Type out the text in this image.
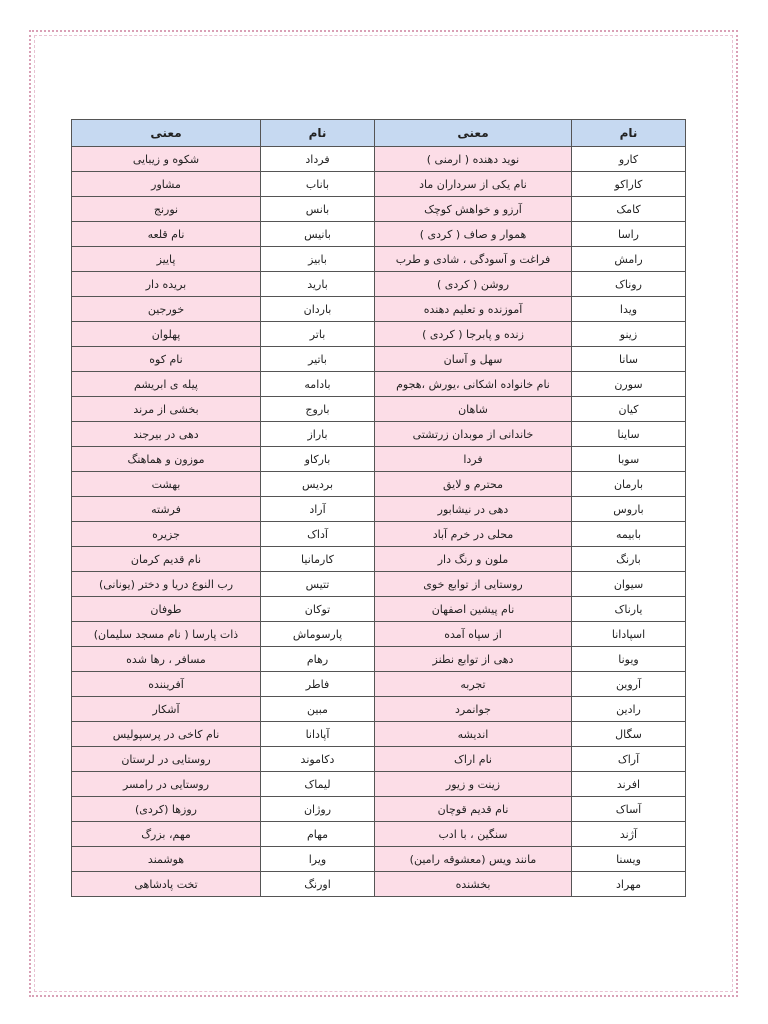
نام	معنی	نام	معنی
کارو	نوید دهنده ( ارمنی )	فرداد	شکوه و زیبایی
کاراکو	نام یکی از سرداران ماد	باناب	مشاور
کامک	آرزو و خواهش کوچک	بانس	نورنج
راسا	هموار و صاف ( کردی )	بانیس	نام قلعه
رامش	فراغت و آسودگی ، شادی و طرب	بابیز	پاییز
روناک	روشن ( کردی )	بارید	بریده دار
ویدا	آموزنده و تعلیم دهنده	باردان	خورجین
زینو	زنده و پابرجا ( کردی )	باتر	پهلوان
سانا	سهل و آسان	باتیر	نام کوه
سورن	نام خانواده اشکانی ،یورش ،هجوم	بادامه	پیله ی ابریشم
کیان	شاهان	باروج	بخشی از مرند
ساینا	خاندانی از موبدان زرتشتی	باراز	دهی در بیرجند
سوبا	فردا	بارکاو	موزون و هماهنگ
بارمان	محترم و لایق	بردیس	بهشت
باروس	دهی در نیشابور	آراد	فرشته
بابیمه	محلی در خرم آباد	آداک	جزیره
بارنگ	ملون و رنگ دار	کارمانیا	نام قدیم کرمان
سیوان	روستایی از توابع خوی	تتیس	رب النوع دریا و دختر (یونانی)
یارناک	نام پیشین اصفهان	توکان	طوفان
اسپادانا	از سپاه آمده	پارسوماش	ذات پارسا ( نام مسجد سلیمان)
ویونا	دهی از توابع نطنز	رهام	مسافر ، رها شده
آروین	تجربه	فاطر	آفریننده
رادین	جوانمرد	مبین	آشکار
سگال	اندیشه	آپادانا	نام کاخی در پرسپولیس
آراک	نام اراک	دکاموند	روستایی در لرستان
افرند	زینت و زیور	لیماک	روستایی در رامسر
آساک	نام قدیم قوچان	روژان	روزها (کردی)
آژند	سنگین ، با ادب	مهام	مهم، بزرگ
ویسنا	مانند ویس (معشوقه رامین)	ویرا	هوشمند
مهراد	بخشنده	اورنگ	تخت پادشاهی
